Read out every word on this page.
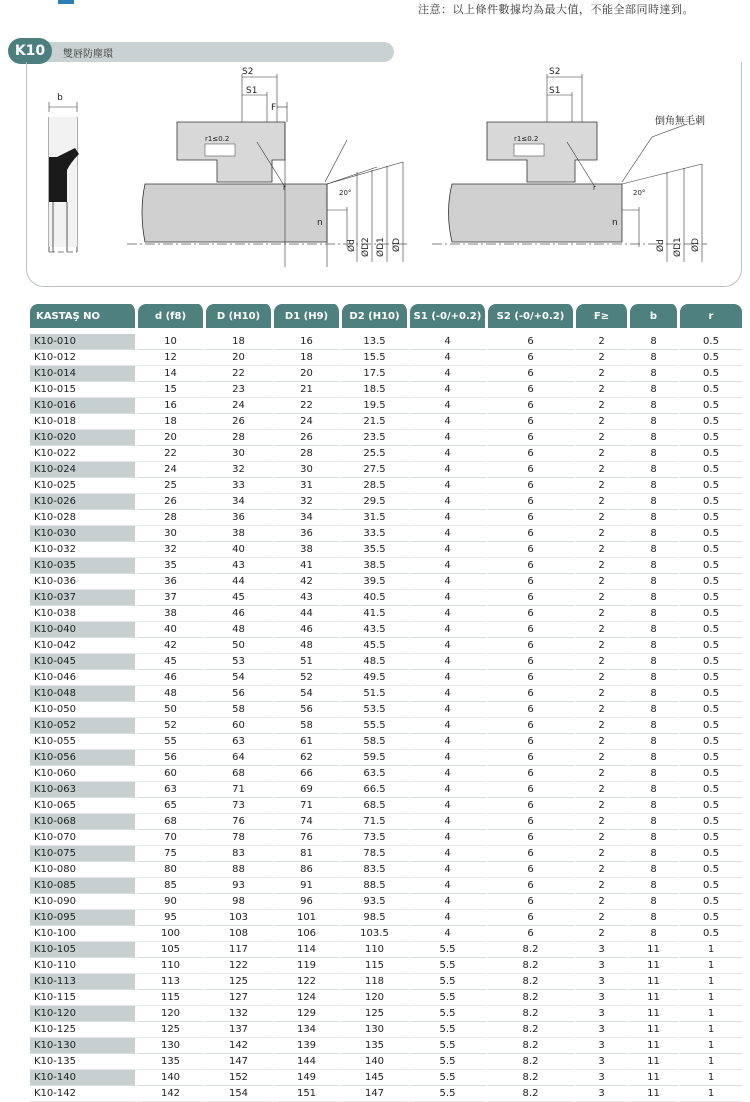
注意：以上條件數據均為最大值，不能全部同時達到。
K10	雙唇防塵環
b
S2
S1
F
r1≤0.2
r
20°
n
Ød ØD2 ØD1 ØD
S2
S1
r1≤0.2
r
20°
n
Ød ØD1 ØD
倒角無毛刺
KASTAŞ NO	d (f8)	D (H10)	D1 (H9)	D2 (H10)	S1 (-0/+0.2)	S2 (-0/+0.2)	F≥	b	r

K10-010	10	18	16	13.5	4	6	2	8	0.5
K10-012	12	20	18	15.5	4	6	2	8	0.5
K10-014	14	22	20	17.5	4	6	2	8	0.5
K10-015	15	23	21	18.5	4	6	2	8	0.5
K10-016	16	24	22	19.5	4	6	2	8	0.5
K10-018	18	26	24	21.5	4	6	2	8	0.5
K10-020	20	28	26	23.5	4	6	2	8	0.5
K10-022	22	30	28	25.5	4	6	2	8	0.5
K10-024	24	32	30	27.5	4	6	2	8	0.5
K10-025	25	33	31	28.5	4	6	2	8	0.5
K10-026	26	34	32	29.5	4	6	2	8	0.5
K10-028	28	36	34	31.5	4	6	2	8	0.5
K10-030	30	38	36	33.5	4	6	2	8	0.5
K10-032	32	40	38	35.5	4	6	2	8	0.5
K10-035	35	43	41	38.5	4	6	2	8	0.5
K10-036	36	44	42	39.5	4	6	2	8	0.5
K10-037	37	45	43	40.5	4	6	2	8	0.5
K10-038	38	46	44	41.5	4	6	2	8	0.5
K10-040	40	48	46	43.5	4	6	2	8	0.5
K10-042	42	50	48	45.5	4	6	2	8	0.5
K10-045	45	53	51	48.5	4	6	2	8	0.5
K10-046	46	54	52	49.5	4	6	2	8	0.5
K10-048	48	56	54	51.5	4	6	2	8	0.5
K10-050	50	58	56	53.5	4	6	2	8	0.5
K10-052	52	60	58	55.5	4	6	2	8	0.5
K10-055	55	63	61	58.5	4	6	2	8	0.5
K10-056	56	64	62	59.5	4	6	2	8	0.5
K10-060	60	68	66	63.5	4	6	2	8	0.5
K10-063	63	71	69	66.5	4	6	2	8	0.5
K10-065	65	73	71	68.5	4	6	2	8	0.5
K10-068	68	76	74	71.5	4	6	2	8	0.5
K10-070	70	78	76	73.5	4	6	2	8	0.5
K10-075	75	83	81	78.5	4	6	2	8	0.5
K10-080	80	88	86	83.5	4	6	2	8	0.5
K10-085	85	93	91	88.5	4	6	2	8	0.5
K10-090	90	98	96	93.5	4	6	2	8	0.5
K10-095	95	103	101	98.5	4	6	2	8	0.5
K10-100	100	108	106	103.5	4	6	2	8	0.5
K10-105	105	117	114	110	5.5	8.2	3	11	1
K10-110	110	122	119	115	5.5	8.2	3	11	1
K10-113	113	125	122	118	5.5	8.2	3	11	1
K10-115	115	127	124	120	5.5	8.2	3	11	1
K10-120	120	132	129	125	5.5	8.2	3	11	1
K10-125	125	137	134	130	5.5	8.2	3	11	1
K10-130	130	142	139	135	5.5	8.2	3	11	1
K10-135	135	147	144	140	5.5	8.2	3	11	1
K10-140	140	152	149	145	5.5	8.2	3	11	1
K10-142	142	154	151	147	5.5	8.2	3	11	1
